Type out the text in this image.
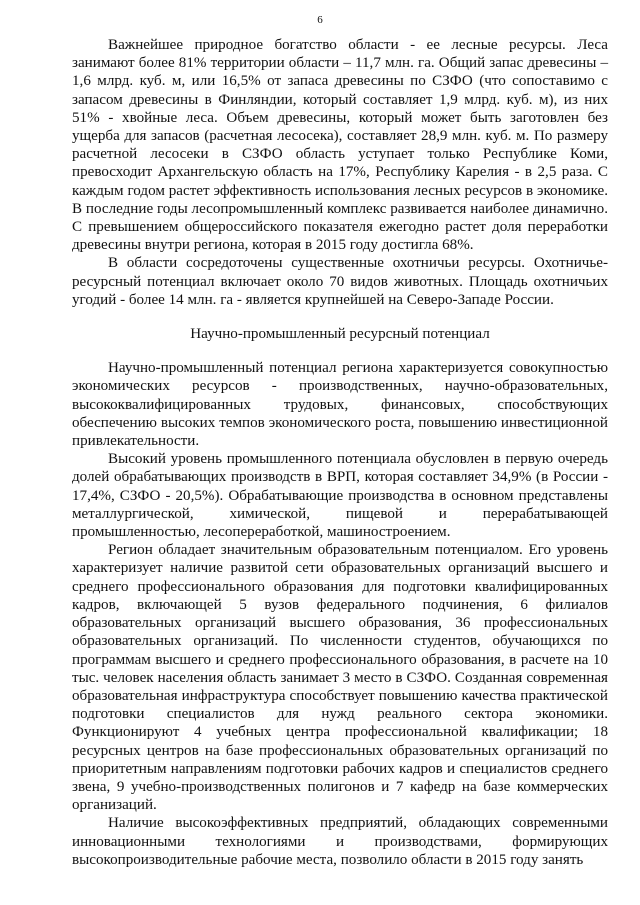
6

Важнейшее природное богатство области - ее лесные ресурсы. Леса занимают более 81% территории области – 11,7 млн. га. Общий запас древесины – 1,6 млрд. куб. м, или 16,5% от запаса древесины по СЗФО (что сопоставимо с запасом древесины в Финляндии, который составляет 1,9 млрд. куб. м), из них 51% - хвойные леса. Объем древесины, который может быть заготовлен без ущерба для запасов (расчетная лесосека), составляет 28,9 млн. куб. м. По размеру расчетной лесосеки в СЗФО область уступает только Республике Коми, превосходит Архангельскую область на 17%, Республику Карелия - в 2,5 раза. С каждым годом растет эффективность использования лесных ресурсов в экономике. В последние годы лесопромышленный комплекс развивается наиболее динамично. С превышением общероссийского показателя ежегодно растет доля переработки древесины внутри региона, которая в 2015 году достигла 68%.

В области сосредоточены существенные охотничьи ресурсы. Охотничье-ресурсный потенциал включает около 70 видов животных. Площадь охотничьих угодий - более 14 млн. га - является крупнейшей на Северо-Западе России.

Научно-промышленный ресурсный потенциал

Научно-промышленный потенциал региона характеризуется совокупностью экономических ресурсов - производственных, научно-образовательных, высококвалифицированных трудовых, финансовых, способствующих обеспечению высоких темпов экономического роста, повышению инвестиционной привлекательности.

Высокий уровень промышленного потенциала обусловлен в первую очередь долей обрабатывающих производств в ВРП, которая составляет 34,9% (в России - 17,4%, СЗФО - 20,5%). Обрабатывающие производства в основном представлены металлургической, химической, пищевой и перерабатывающей промышленностью, лесопереработкой, машиностроением.

Регион обладает значительным образовательным потенциалом. Его уровень характеризует наличие развитой сети образовательных организаций высшего и среднего профессионального образования для подготовки квалифицированных кадров, включающей 5 вузов федерального подчинения, 6 филиалов образовательных организаций высшего образования, 36 профессиональных образовательных организаций. По численности студентов, обучающихся по программам высшего и среднего профессионального образования, в расчете на 10 тыс. человек населения область занимает 3 место в СЗФО. Созданная современная образовательная инфраструктура способствует повышению качества практической подготовки специалистов для нужд реального сектора экономики. Функционируют 4 учебных центра профессиональной квалификации; 18 ресурсных центров на базе профессиональных образовательных организаций по приоритетным направлениям подготовки рабочих кадров и специалистов среднего звена, 9 учебно-производственных полигонов и 7 кафедр на базе коммерческих организаций.

Наличие высокоэффективных предприятий, обладающих современными инновационными технологиями и производствами, формирующих высокопроизводительные рабочие места, позволило области в 2015 году занять
